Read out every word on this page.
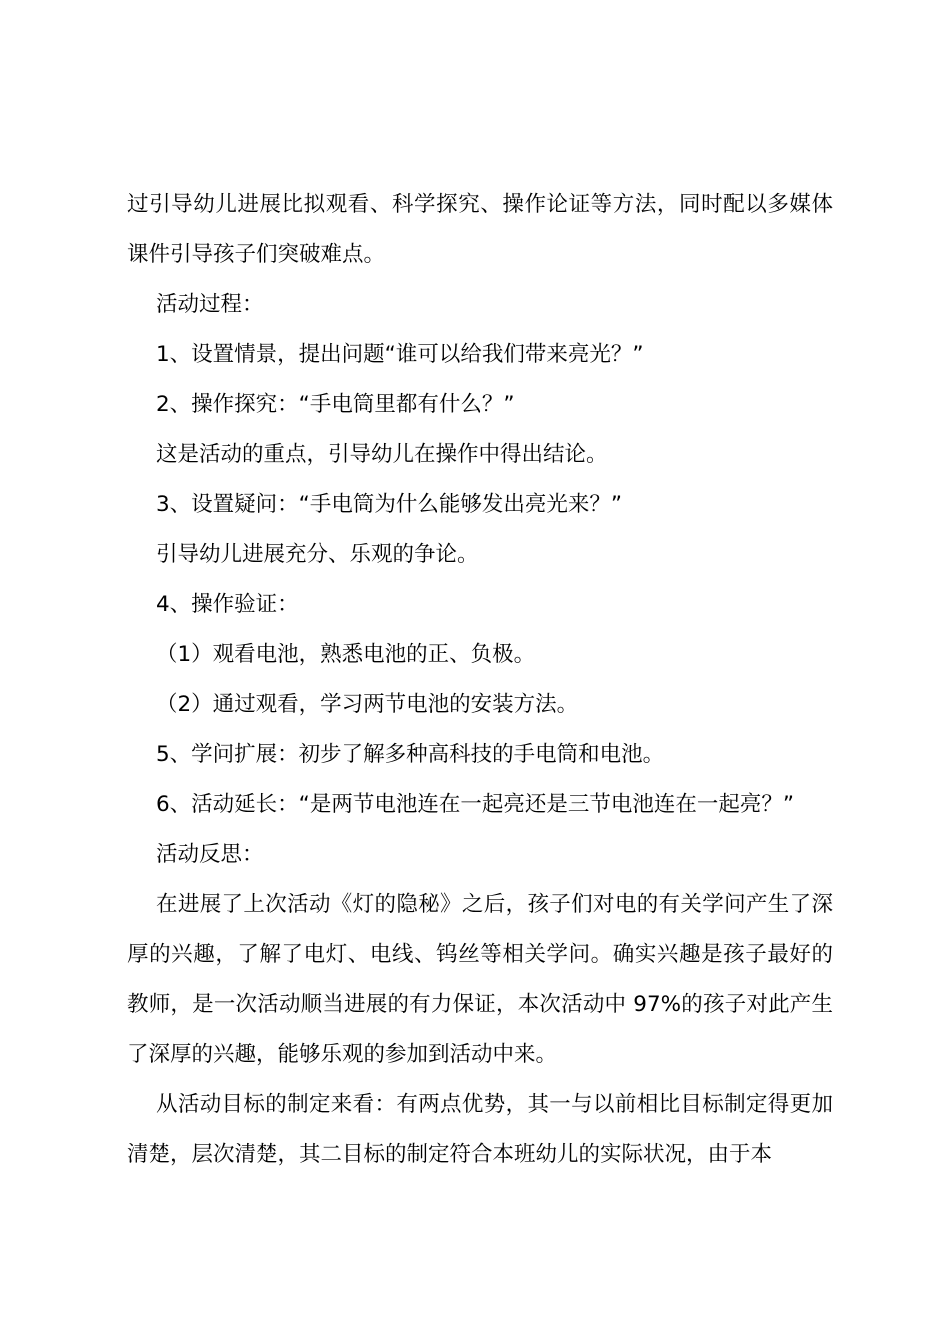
过引导幼儿进展比拟观看、科学探究、操作论证等方法，同时配以多媒体课件引导孩子们突破难点。

活动过程：

1、设置情景，提出问题“谁可以给我们带来亮光？”

2、操作探究：“手电筒里都有什么？”

这是活动的重点，引导幼儿在操作中得出结论。

3、设置疑问：“手电筒为什么能够发出亮光来？”

引导幼儿进展充分、乐观的争论。

4、操作验证：

（1）观看电池，熟悉电池的正、负极。

（2）通过观看，学习两节电池的安装方法。

5、学问扩展：初步了解多种高科技的手电筒和电池。

6、活动延长：“是两节电池连在一起亮还是三节电池连在一起亮？”

活动反思：

在进展了上次活动《灯的隐秘》之后，孩子们对电的有关学问产生了深厚的兴趣，了解了电灯、电线、钨丝等相关学问。确实兴趣是孩子最好的教师，是一次活动顺当进展的有力保证，本次活动中 97%的孩子对此产生了深厚的兴趣，能够乐观的参加到活动中来。

从活动目标的制定来看：有两点优势，其一与以前相比目标制定得更加清楚，层次清楚，其二目标的制定符合本班幼儿的实际状况，由于本
